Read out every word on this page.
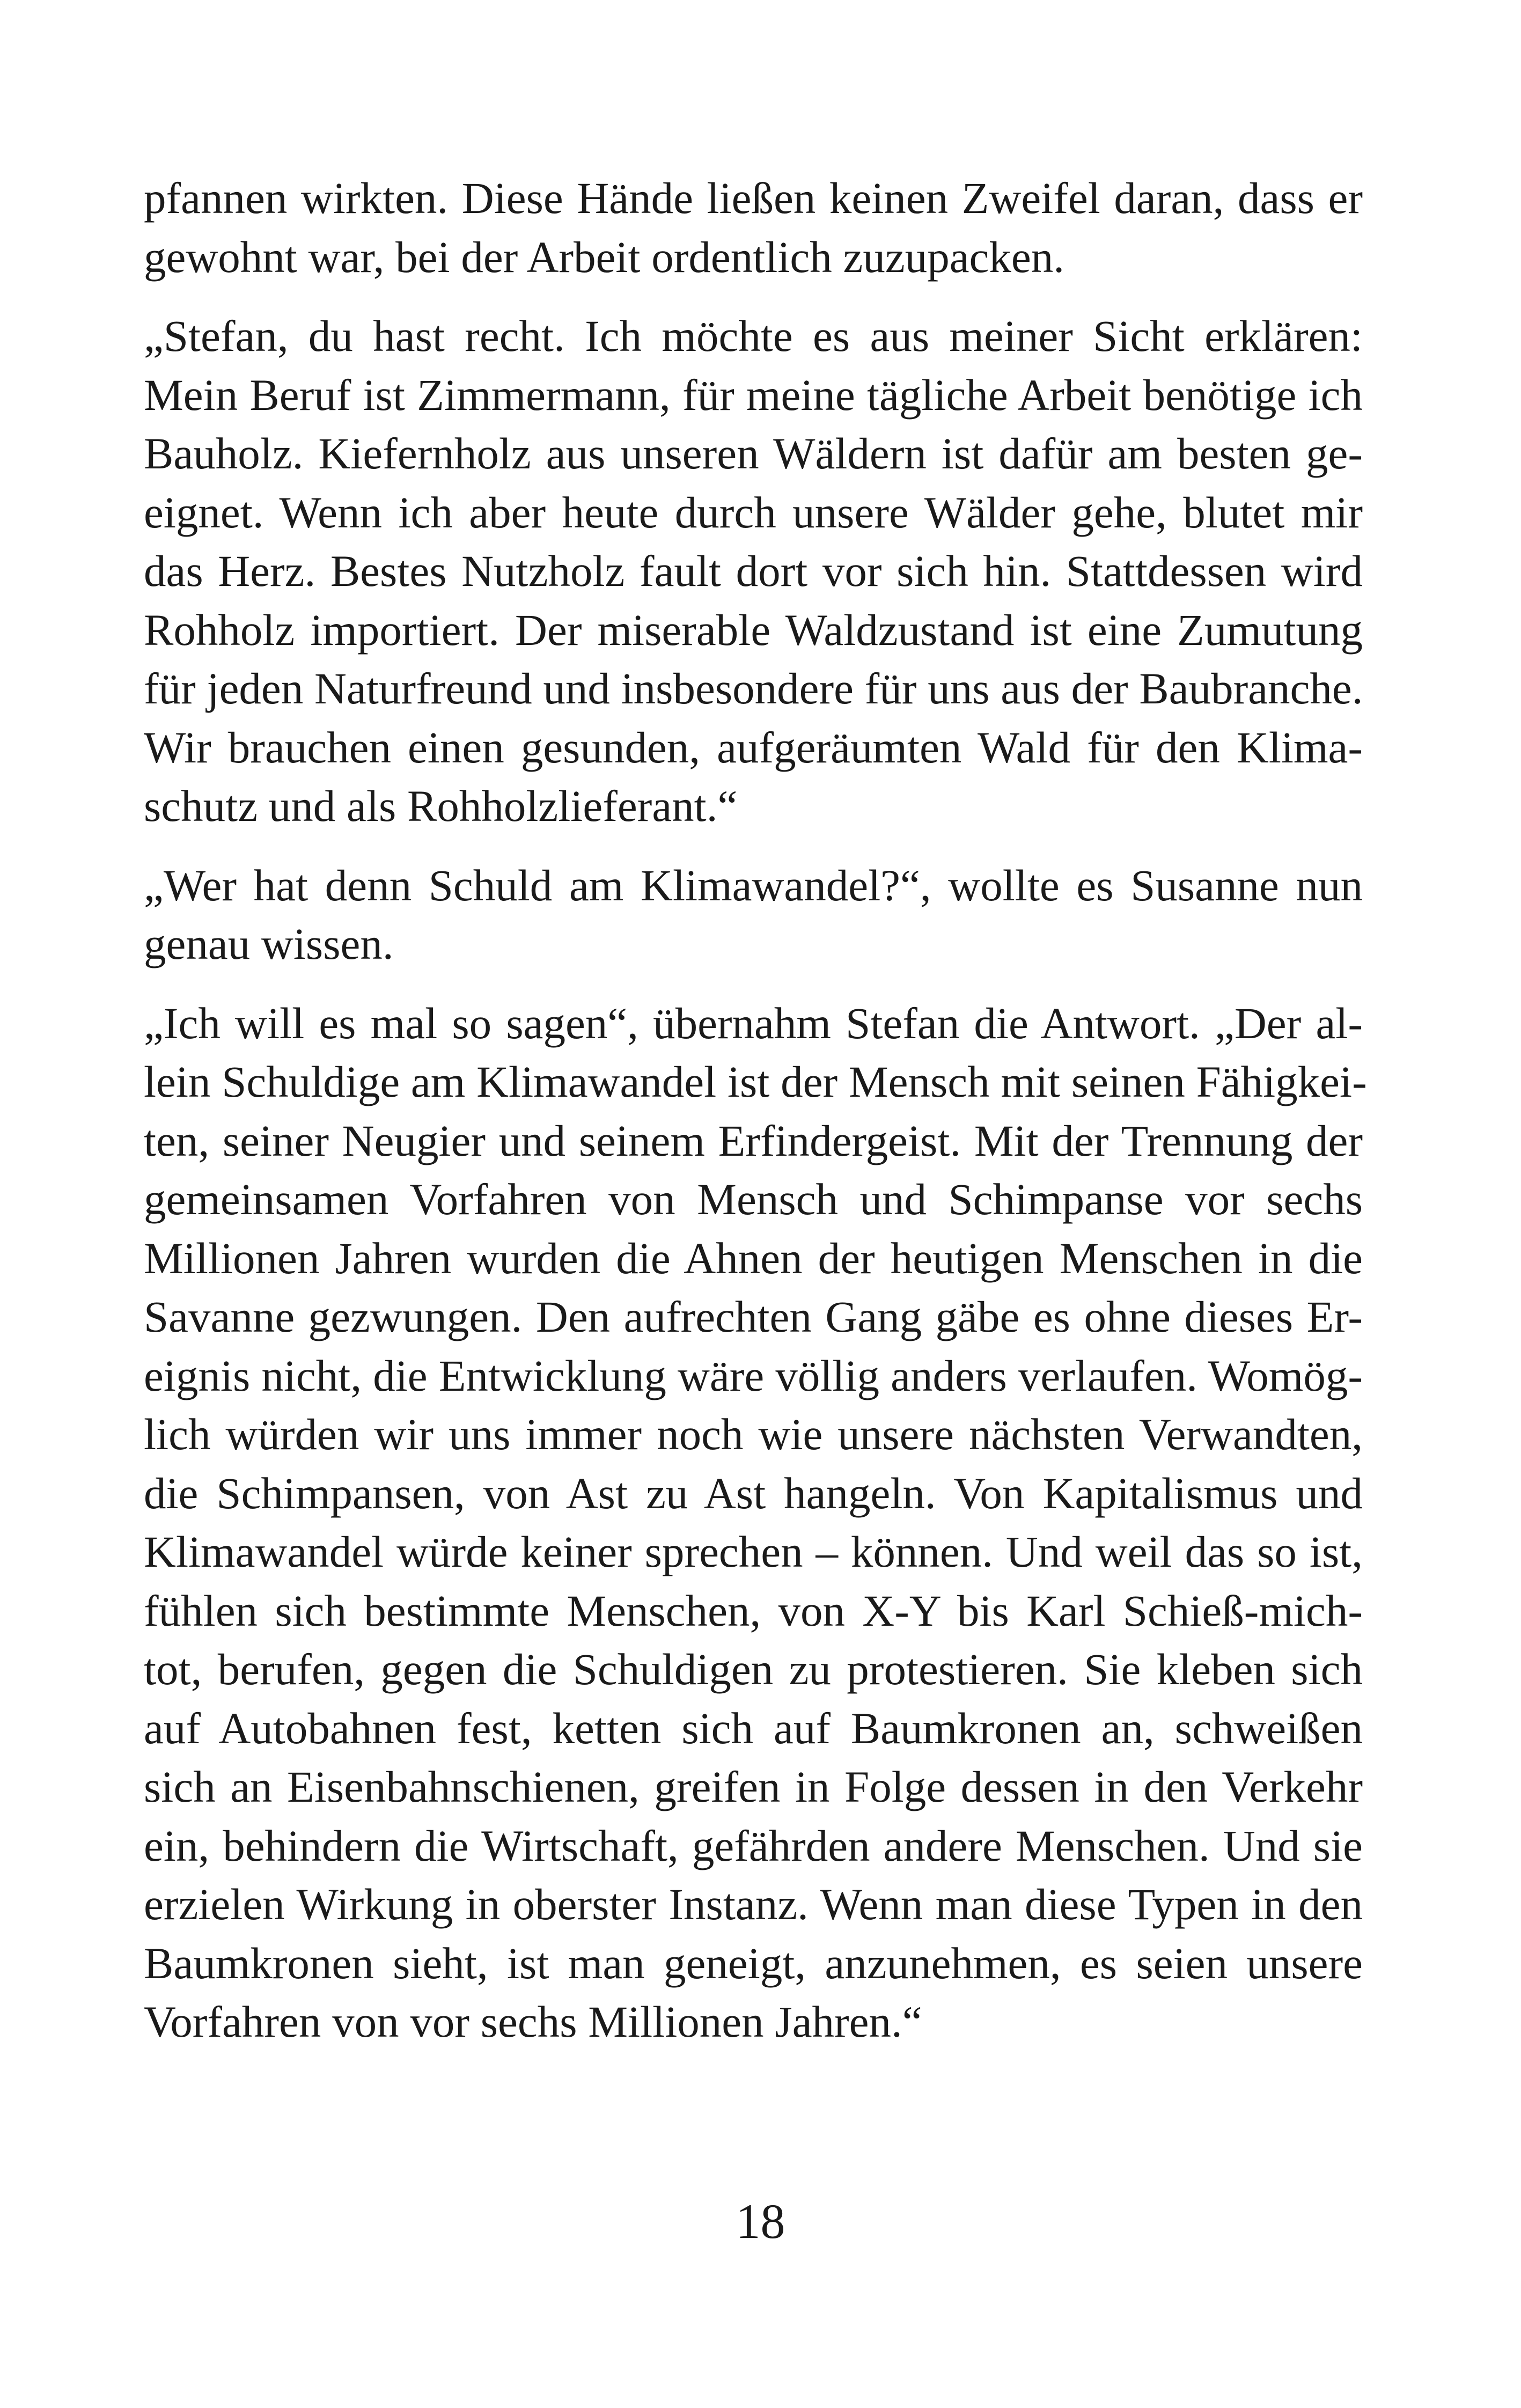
pfannen wirkten. Diese Hände ließen keinen Zweifel daran, dass er
gewohnt war, bei der Arbeit ordentlich zuzupacken.

„Stefan, du hast recht. Ich möchte es aus meiner Sicht erklären:
Mein Beruf ist Zimmermann, für meine tägliche Arbeit benötige ich
Bauholz. Kiefernholz aus unseren Wäldern ist dafür am besten ge-
eignet. Wenn ich aber heute durch unsere Wälder gehe, blutet mir
das Herz. Bestes Nutzholz fault dort vor sich hin. Stattdessen wird
Rohholz importiert. Der miserable Waldzustand ist eine Zumutung
für jeden Naturfreund und insbesondere für uns aus der Baubranche.
Wir brauchen einen gesunden, aufgeräumten Wald für den Klima-
schutz und als Rohholzlieferant.“

„Wer hat denn Schuld am Klimawandel?“, wollte es Susanne nun
genau wissen.

„Ich will es mal so sagen“, übernahm Stefan die Antwort. „Der al-
lein Schuldige am Klimawandel ist der Mensch mit seinen Fähigkei-
ten, seiner Neugier und seinem Erfindergeist. Mit der Trennung der
gemeinsamen Vorfahren von Mensch und Schimpanse vor sechs
Millionen Jahren wurden die Ahnen der heutigen Menschen in die
Savanne gezwungen. Den aufrechten Gang gäbe es ohne dieses Er-
eignis nicht, die Entwicklung wäre völlig anders verlaufen. Womög-
lich würden wir uns immer noch wie unsere nächsten Verwandten,
die Schimpansen, von Ast zu Ast hangeln. Von Kapitalismus und
Klimawandel würde keiner sprechen – können. Und weil das so ist,
fühlen sich bestimmte Menschen, von X-Y bis Karl Schieß-mich-
tot, berufen, gegen die Schuldigen zu protestieren. Sie kleben sich
auf Autobahnen fest, ketten sich auf Baumkronen an, schweißen
sich an Eisenbahnschienen, greifen in Folge dessen in den Verkehr
ein, behindern die Wirtschaft, gefährden andere Menschen. Und sie
erzielen Wirkung in oberster Instanz. Wenn man diese Typen in den
Baumkronen sieht, ist man geneigt, anzunehmen, es seien unsere
Vorfahren von vor sechs Millionen Jahren.“

18
